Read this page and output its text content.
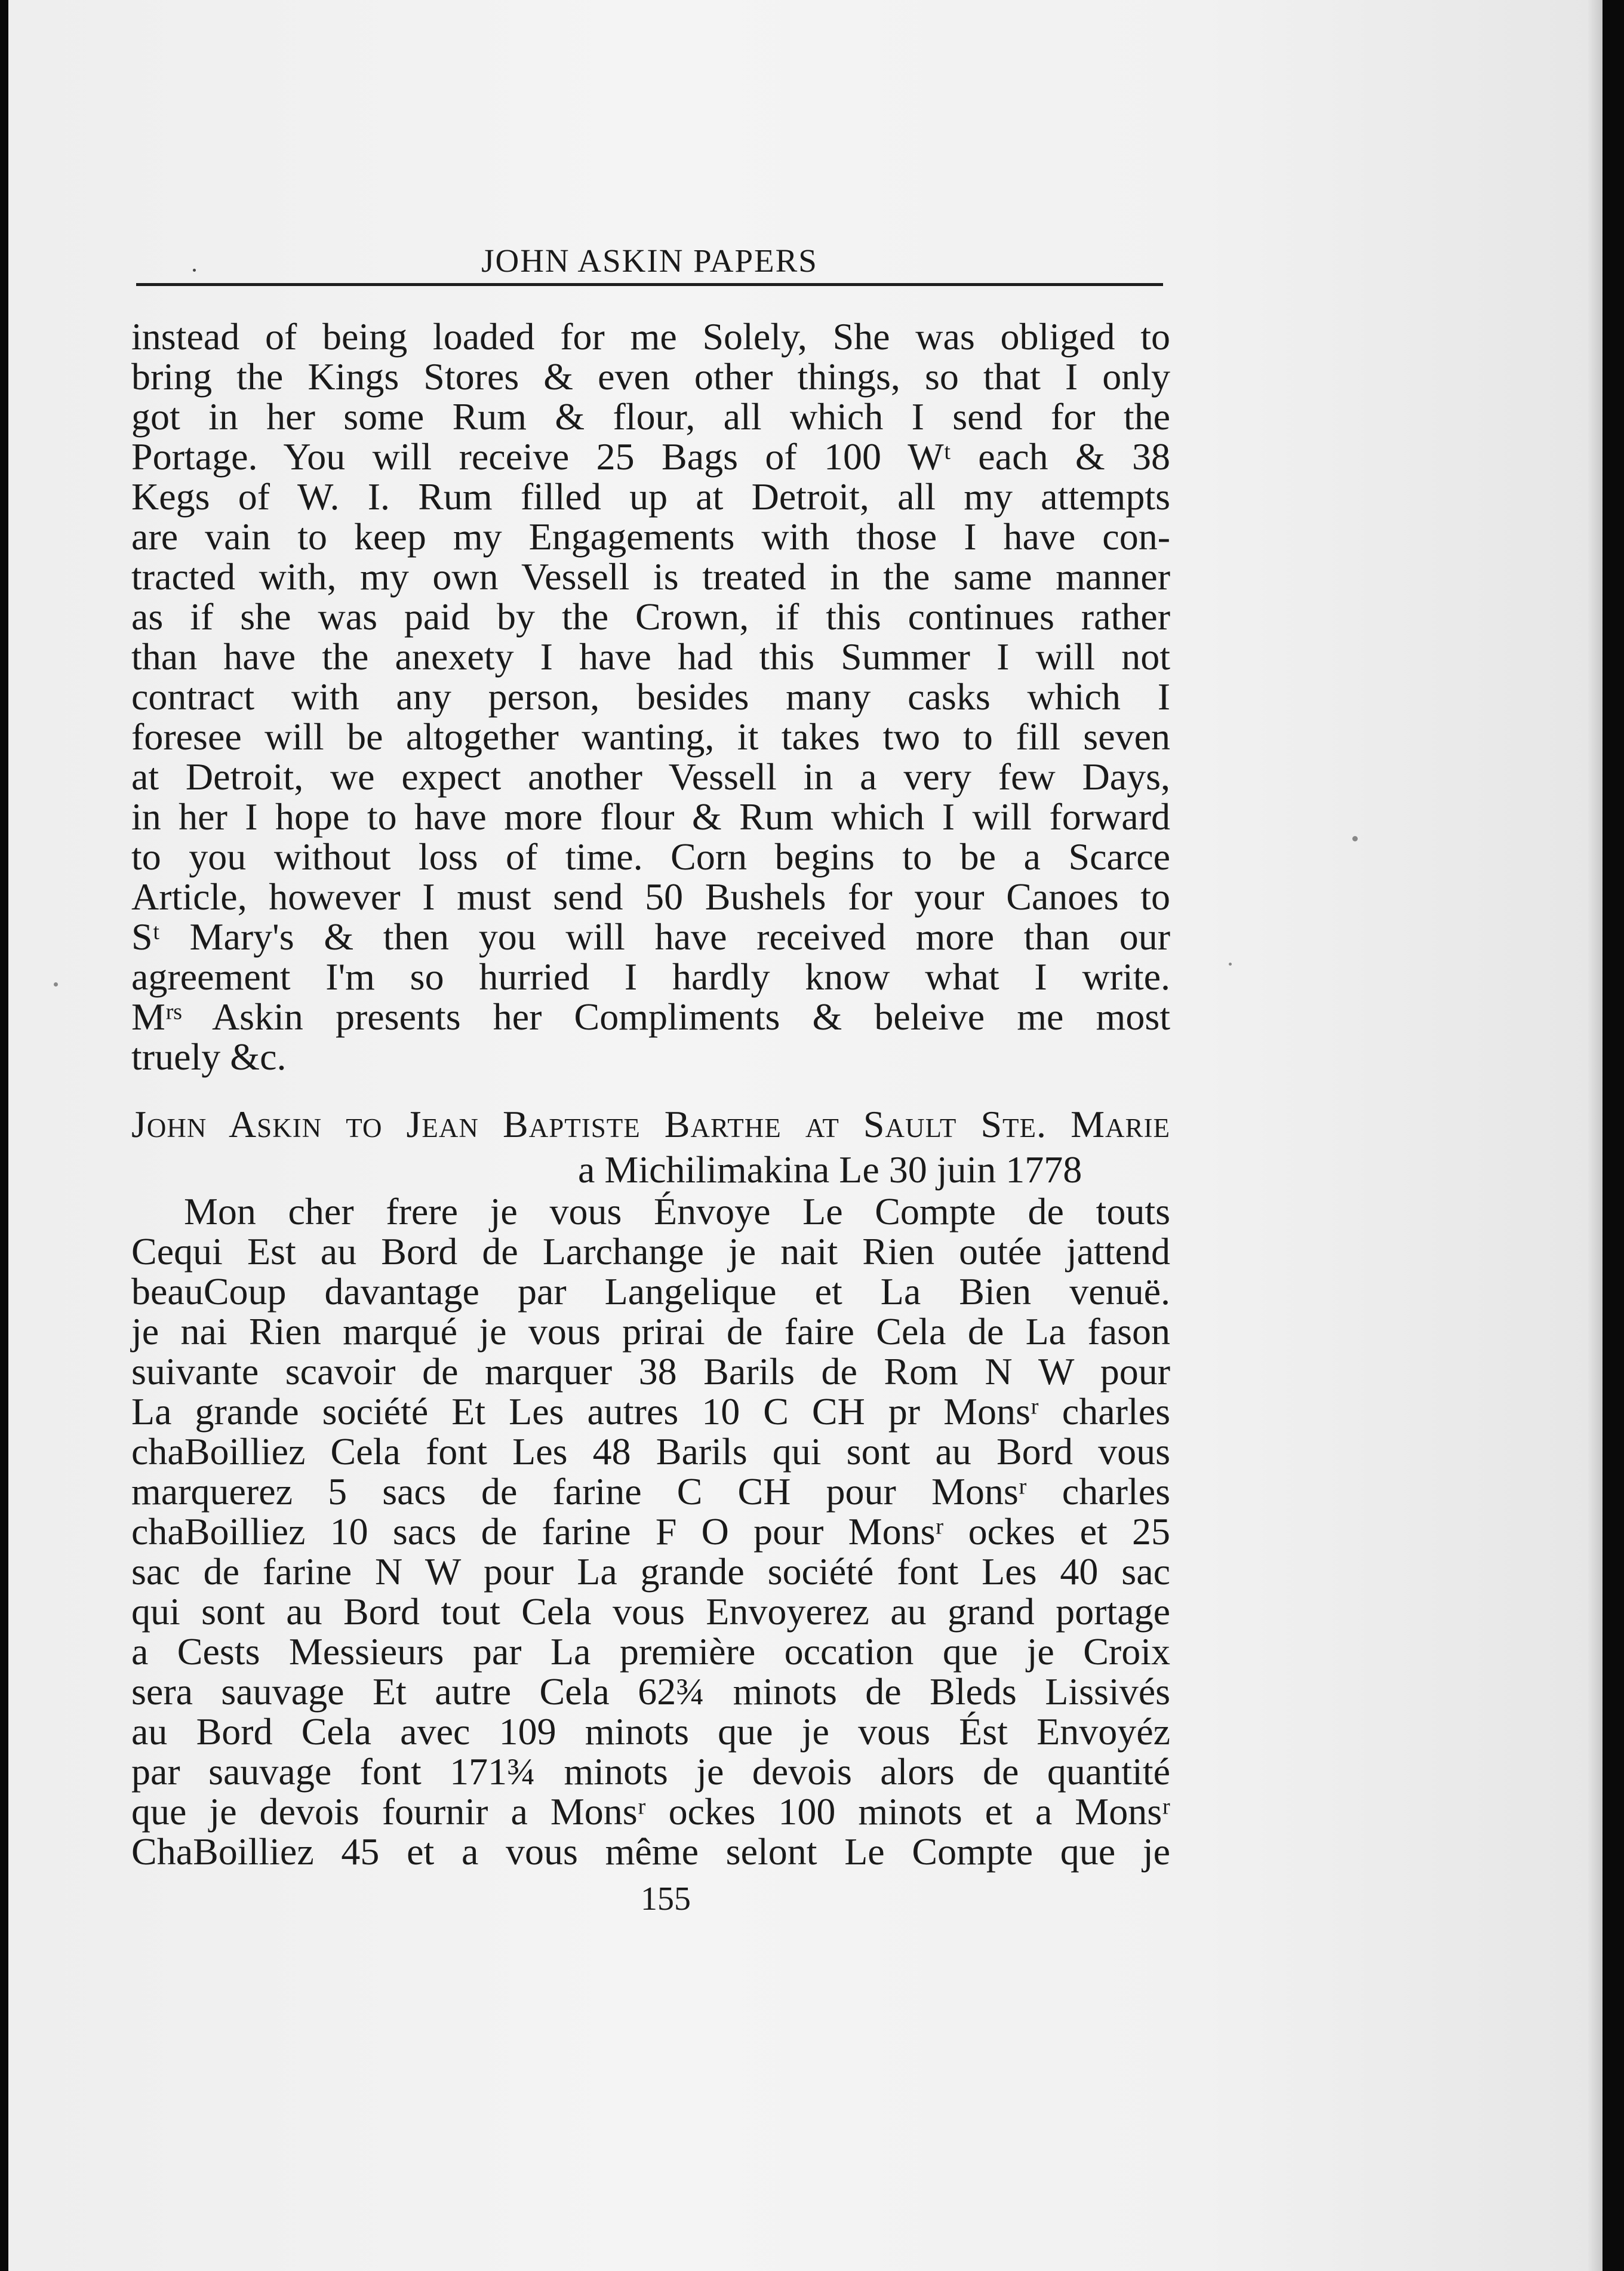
JOHN ASKIN PAPERS
instead of being loaded for me Solely, She was obliged to
bring the Kings Stores & even other things, so that I only
got in her some Rum & flour, all which I send for the
Portage. You will receive 25 Bags of 100 Wᵗ each & 38
Kegs of W. I. Rum filled up at Detroit, all my attempts
are vain to keep my Engagements with those I have con-
tracted with, my own Vessell is treated in the same manner
as if she was paid by the Crown, if this continues rather
than have the anexety I have had this Summer I will not
contract with any person, besides many casks which I
foresee will be altogether wanting, it takes two to fill seven
at Detroit, we expect another Vessell in a very few Days,
in her I hope to have more flour & Rum which I will forward
to you without loss of time. Corn begins to be a Scarce
Article, however I must send 50 Bushels for your Canoes to
Sᵗ Mary's & then you will have received more than our
agreement I'm so hurried I hardly know what I write.
Mʳˢ Askin presents her Compliments & beleive me most
truely &c.
John Askin to Jean Baptiste Barthe at Sault Ste. Marie
a Michilimakina Le 30 juin 1778
Mon cher frere je vous Énvoye Le Compte de touts
Cequi Est au Bord de Larchange je nait Rien outée jattend
beauCoup davantage par Langelique et La Bien venuë.
je nai Rien marqué je vous prirai de faire Cela de La fason
suivante scavoir de marquer 38 Barils de Rom N W pour
La grande société Et Les autres 10 C CH pr Monsʳ charles
chaBoilliez Cela font Les 48 Barils qui sont au Bord vous
marquerez 5 sacs de farine C CH pour Monsʳ charles
chaBoilliez 10 sacs de farine F O pour Monsʳ ockes et 25
sac de farine N W pour La grande société font Les 40 sac
qui sont au Bord tout Cela vous Envoyerez au grand portage
a Cests Messieurs par La première occation que je Croix
sera sauvage Et autre Cela 62¾ minots de Bleds Lissivés
au Bord Cela avec 109 minots que je vous Ést Envoyéz
par sauvage font 171¾ minots je devois alors de quantité
que je devois fournir a Monsʳ ockes 100 minots et a Monsʳ
ChaBoilliez 45 et a vous même selont Le Compte que je
155
